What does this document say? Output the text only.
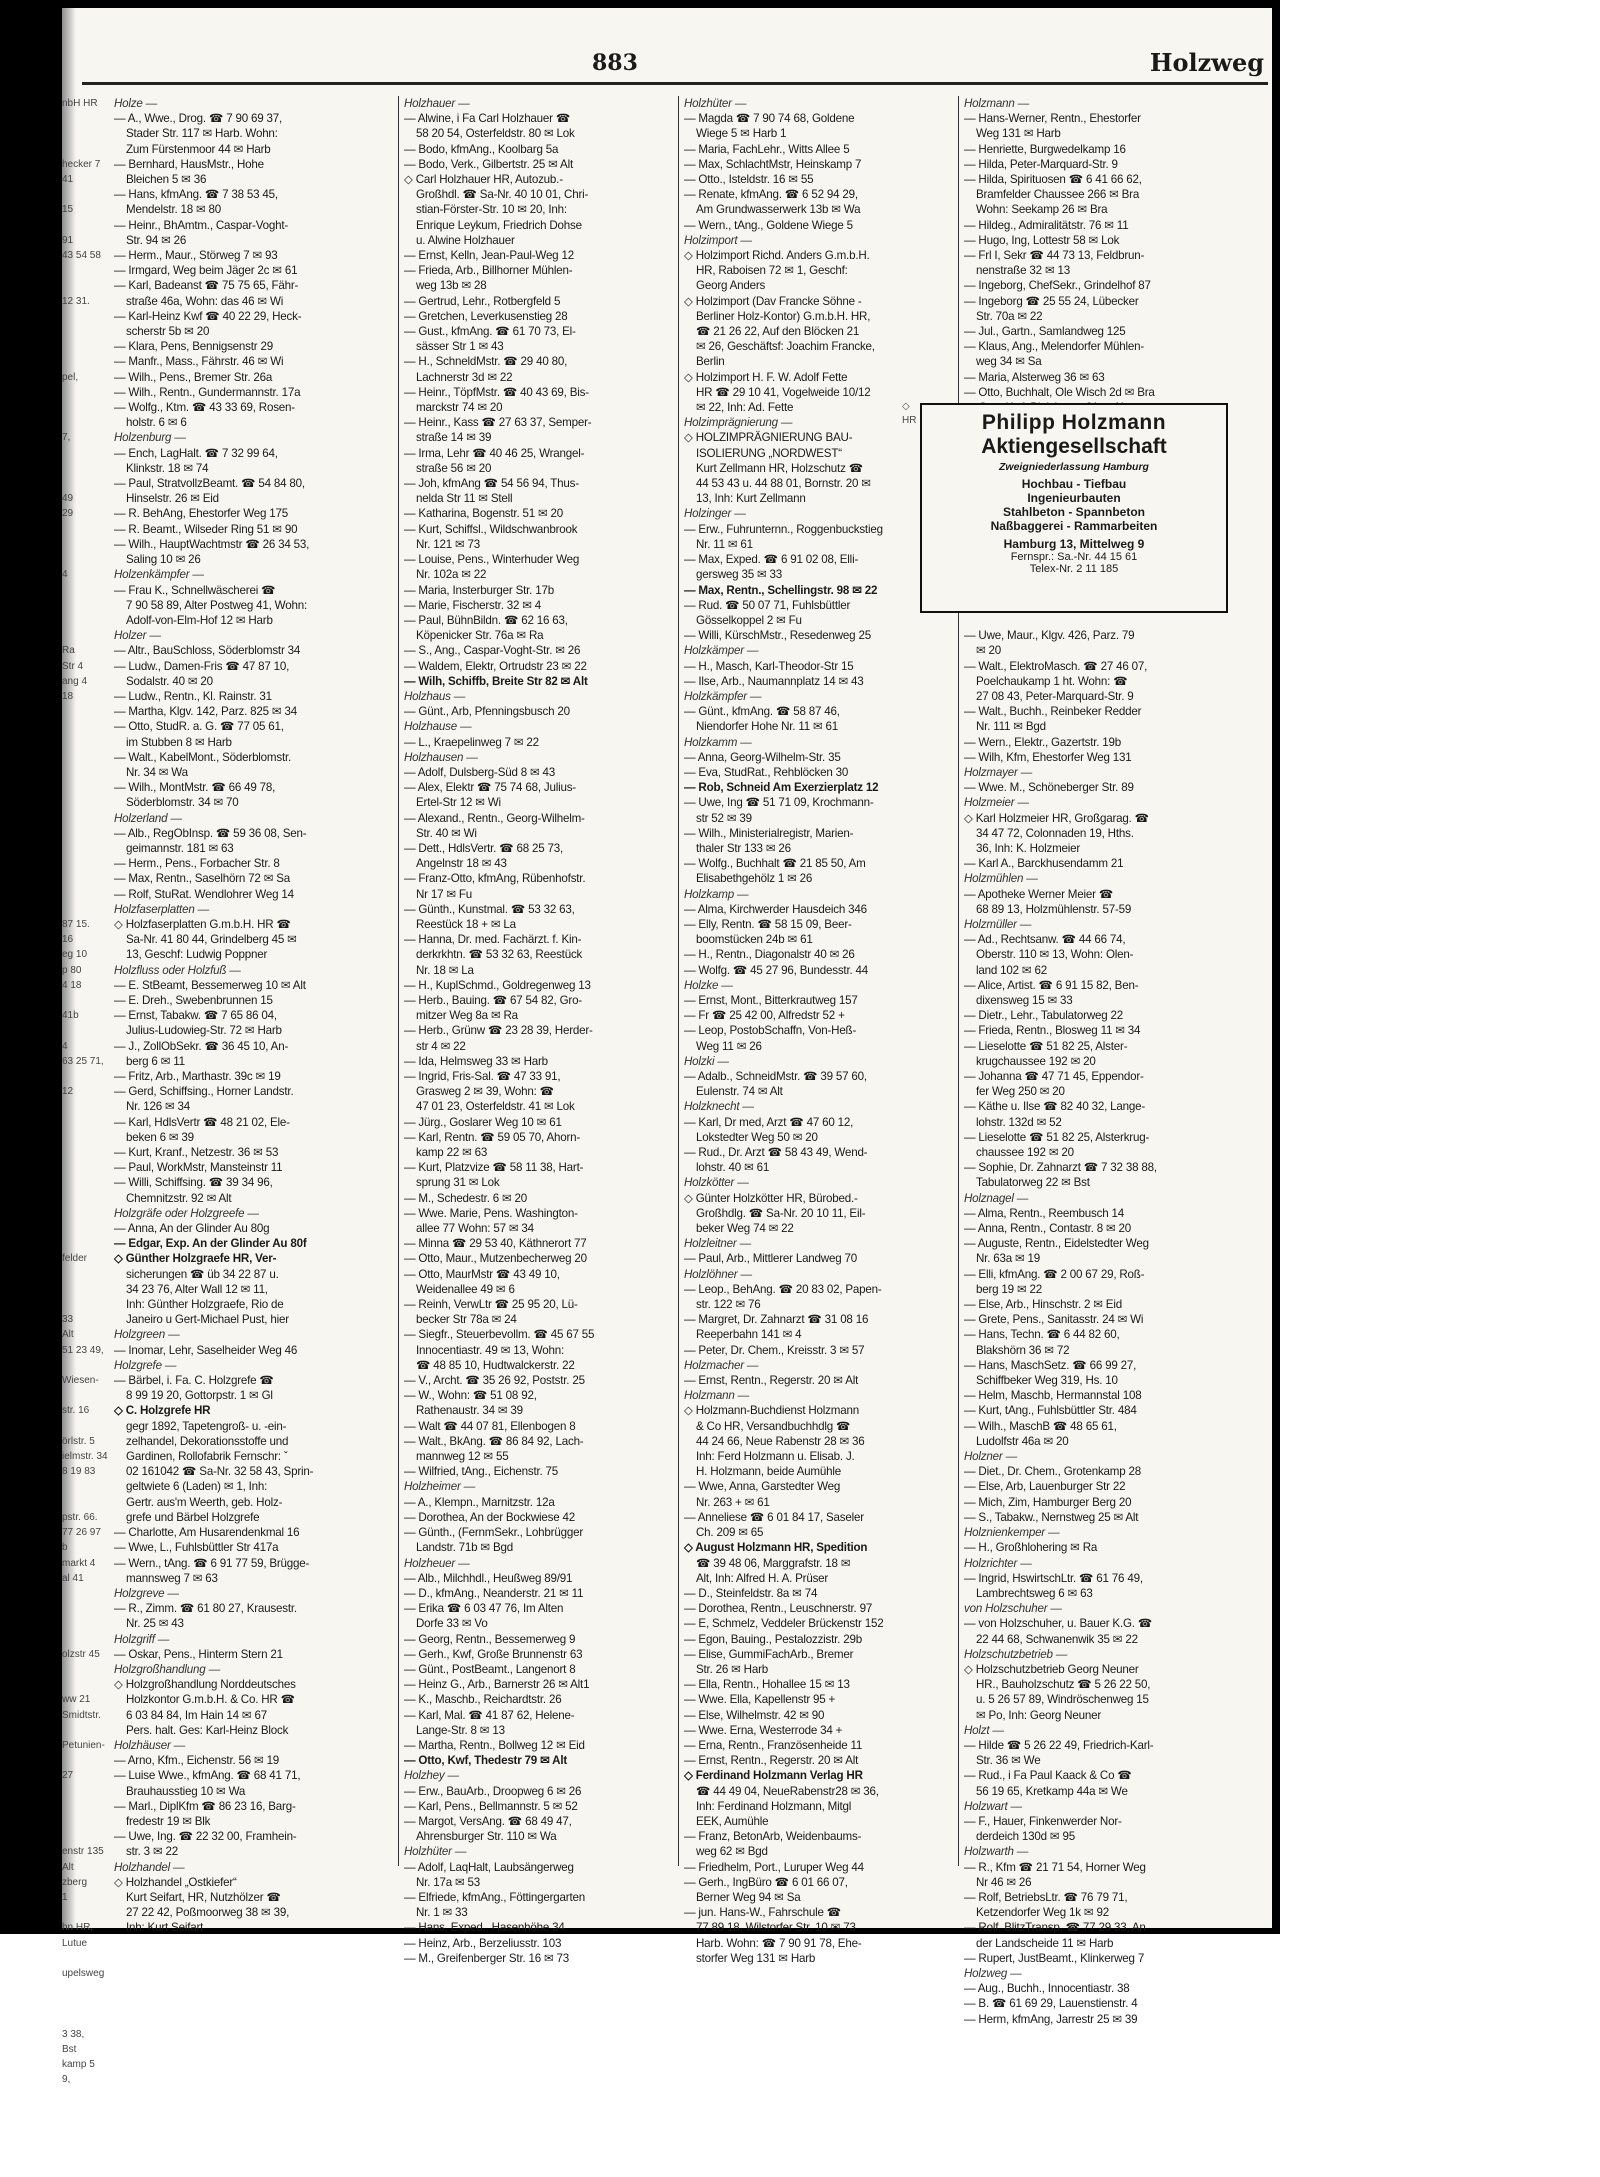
883	Holzweg
nbH HR

hecker 7
41

15

91
43 54 58

12 31.

pel,

7,

49
29

4

Ra
Str 4
ang 4
18

87 15.
16
eg 10
p 80
4 18

41b

4
63 25 71,

12

felder

33
Alt
51 23 49,

Wiesen-

str. 16

örlstr. 5
ielmstr. 34
8 19 83

pstr. 66.
77 26 97
b
markt 4
al 41

olzstr 45

ww 21
Smidtstr.

Petunien-

27

enstr 135
Alt
zberg
1

hn HR,
Lutue

upelsweg

3 38,
Bst
kamp 5
9,
Holze —
— A., Wwe., Drog. ☎ 7 90 69 37,
Stader Str. 117 ✉ Harb. Wohn:
Zum Fürstenmoor 44 ✉ Harb
— Bernhard, HausMstr., Hohe
Bleichen 5 ✉ 36
— Hans, kfmAng. ☎ 7 38 53 45,
Mendelstr. 18 ✉ 80
— Heinr., BhAmtm., Caspar-Voght-
Str. 94 ✉ 26
— Herm., Maur., Störweg 7 ✉ 93
— Irmgard, Weg beim Jäger 2c ✉ 61
— Karl, Badeanst ☎ 75 75 65, Fähr-
straße 46a, Wohn: das 46 ✉ Wi
— Karl-Heinz Kwf ☎ 40 22 29, Heck-
scherstr 5b ✉ 20
— Klara, Pens, Bennigsenstr 29
— Manfr., Mass., Fährstr. 46 ✉ Wi
— Wilh., Pens., Bremer Str. 26a
— Wilh., Rentn., Gundermannstr. 17a
— Wolfg., Ktm. ☎ 43 33 69, Rosen-
holstr. 6 ✉ 6
Holzenburg —
— Ench, LagHalt. ☎ 7 32 99 64,
Klinkstr. 18 ✉ 74
— Paul, StratvollzBeamt. ☎ 54 84 80,
Hinselstr. 26 ✉ Eid
— R. BehAng, Ehestorfer Weg 175
— R. Beamt., Wilseder Ring 51 ✉ 90
— Wilh., HauptWachtmstr ☎ 26 34 53,
Saling 10 ✉ 26
Holzenkämpfer —
— Frau K., Schnellwäscherei ☎
7 90 58 89, Alter Postweg 41, Wohn:
Adolf-von-Elm-Hof 12 ✉ Harb
Holzer —
— Altr., BauSchloss, Söderblomstr 34
— Ludw., Damen-Fris ☎ 47 87 10,
Sodalstr. 40 ✉ 20
— Ludw., Rentn., Kl. Rainstr. 31
— Martha, Klgv. 142, Parz. 825 ✉ 34
— Otto, StudR. a. G. ☎ 77 05 61,
im Stubben 8 ✉ Harb
— Walt., KabelMont., Söderblomstr.
Nr. 34 ✉ Wa
— Wilh., MontMstr. ☎ 66 49 78,
Söderblomstr. 34 ✉ 70
Holzerland —
— Alb., RegObInsp. ☎ 59 36 08, Sen-
geimannstr. 181 ✉ 63
— Herm., Pens., Forbacher Str. 8
— Max, Rentn., Saselhörn 72 ✉ Sa
— Rolf, StuRat. Wendlohrer Weg 14
Holzfaserplatten —
◇ Holzfaserplatten G.m.b.H. HR ☎
Sa-Nr. 41 80 44, Grindelberg 45 ✉
13, Geschf: Ludwig Poppner
Holzfluss oder Holzfuß —
— E. StBeamt, Bessemerweg 10 ✉ Alt
— E. Dreh., Swebenbrunnen 15
— Ernst, Tabakw. ☎ 7 65 86 04,
Julius-Ludowieg-Str. 72 ✉ Harb
— J., ZollObSekr. ☎ 36 45 10, An-
berg 6 ✉ 11
— Fritz, Arb., Marthastr. 39c ✉ 19
— Gerd, Schiffsing., Horner Landstr.
Nr. 126 ✉ 34
— Karl, HdlsVertr ☎ 48 21 02, Ele-
beken 6 ✉ 39
— Kurt, Kranf., Netzestr. 36 ✉ 53
— Paul, WorkMstr, Mansteinstr 11
— Willi, Schiffsing. ☎ 39 34 96,
Chemnitzstr. 92 ✉ Alt
Holzgräfe oder Holzgreefe —
— Anna, An der Glinder Au 80g
— Edgar, Exp. An der Glinder Au 80f
◇ Günther Holzgraefe HR, Ver-
sicherungen ☎ üb 34 22 87 u.
34 23 76, Alter Wall 12 ✉ 11,
Inh: Günther Holzgraefe, Rio de
Janeiro u Gert-Michael Pust, hier
Holzgreen —
— Inomar, Lehr, Saselheider Weg 46
Holzgrefe —
— Bärbel, i. Fa. C. Holzgrefe ☎
8 99 19 20, Gottorpstr. 1 ✉ Gl
◇ C. Holzgrefe HR
gegr 1892, Tapetengroß- u. -ein-
zelhandel, Dekorationsstoffe und
Gardinen, Rollofabrik Fernschr: ˇ
02 161042 ☎ Sa-Nr. 32 58 43, Sprin-
geltwiete 6 (Laden) ✉ 1, Inh:
Gertr. aus'm Weerth, geb. Holz-
grefe und Bärbel Holzgrefe
— Charlotte, Am Husarendenkmal 16
— Wwe, L., Fuhlsbüttler Str 417a
— Wern., tAng. ☎ 6 91 77 59, Brügge-
mannsweg 7 ✉ 63
Holzgreve —
— R., Zimm. ☎ 61 80 27, Krausestr.
Nr. 25 ✉ 43
Holzgriff —
— Oskar, Pens., Hinterm Stern 21
Holzgroßhandlung —
◇ Holzgroßhandlung Norddeutsches
Holzkontor G.m.b.H. & Co. HR ☎
6 03 84 84, Im Hain 14 ✉ 67
Pers. halt. Ges: Karl-Heinz Block
Holzhäuser —
— Arno, Kfm., Eichenstr. 56 ✉ 19
— Luise Wwe., kfmAng. ☎ 68 41 71,
Brauhausstieg 10 ✉ Wa
— Marl., DiplKfm ☎ 86 23 16, Barg-
fredestr 19 ✉ Blk
— Uwe, Ing. ☎ 22 32 00, Framhein-
str. 3 ✉ 22
Holzhandel —
◇ Holzhandel „Ostkiefer“
Kurt Seifart, HR, Nutzhölzer ☎
27 22 42, Poßmoorweg 38 ✉ 39,
Inh: Kurt Seifart
Holzhauer —
— Alwine, i Fa Carl Holzhauer ☎
58 20 54, Osterfeldstr. 80 ✉ Lok
— Bodo, kfmAng., Koolbarg 5a
— Bodo, Verk., Gilbertstr. 25 ✉ Alt
◇ Carl Holzhauer HR, Autozub.-
Großhdl. ☎ Sa-Nr. 40 10 01, Chri-
stian-Förster-Str. 10 ✉ 20, Inh:
Enrique Leykum, Friedrich Dohse
u. Alwine Holzhauer
— Ernst, Kelln, Jean-Paul-Weg 12
— Frieda, Arb., Billhorner Mühlen-
weg 13b ✉ 28
— Gertrud, Lehr., Rotbergfeld 5
— Gretchen, Leverkusenstieg 28
— Gust., kfmAng. ☎ 61 70 73, El-
sässer Str 1 ✉ 43
— H., SchneldMstr. ☎ 29 40 80,
Lachnerstr 3d ✉ 22
— Heinr., TöpfMstr. ☎ 40 43 69, Bis-
marckstr 74 ✉ 20
— Heinr., Kass ☎ 27 63 37, Semper-
straße 14 ✉ 39
— Irma, Lehr ☎ 40 46 25, Wrangel-
straße 56 ✉ 20
— Joh, kfmAng ☎ 54 56 94, Thus-
nelda Str 11 ✉ Stell
— Katharina, Bogenstr. 51 ✉ 20
— Kurt, Schiffsl., Wildschwanbrook
Nr. 121 ✉ 73
— Louise, Pens., Winterhuder Weg
Nr. 102a ✉ 22
— Maria, Insterburger Str. 17b
— Marie, Fischerstr. 32 ✉ 4
— Paul, BühnBildn. ☎ 62 16 63,
Köpenicker Str. 76a ✉ Ra
— S., Ang., Caspar-Voght-Str. ✉ 26
— Waldem, Elektr, Ortrudstr 23 ✉ 22
— Wilh, Schiffb, Breite Str 82 ✉ Alt
Holzhaus —
— Günt., Arb, Pfenningsbusch 20
Holzhause —
— L., Kraepelinweg 7 ✉ 22
Holzhausen —
— Adolf, Dulsberg-Süd 8 ✉ 43
— Alex, Elektr ☎ 75 74 68, Julius-
Ertel-Str 12 ✉ Wi
— Alexand., Rentn., Georg-Wilhelm-
Str. 40 ✉ Wi
— Dett., HdlsVertr. ☎ 68 25 73,
Angelnstr 18 ✉ 43
— Franz-Otto, kfmAng, Rübenhofstr.
Nr 17 ✉ Fu
— Günth., Kunstmal. ☎ 53 32 63,
Reestück 18 + ✉ La
— Hanna, Dr. med. Fachärzt. f. Kin-
derkrkhtn. ☎ 53 32 63, Reestück
Nr. 18 ✉ La
— H., KuplSchmd., Goldregenweg 13
— Herb., Bauing. ☎ 67 54 82, Gro-
mitzer Weg 8a ✉ Ra
— Herb., Grünw ☎ 23 28 39, Herder-
str 4 ✉ 22
— Ida, Helmsweg 33 ✉ Harb
— Ingrid, Fris-Sal. ☎ 47 33 91,
Grasweg 2 ✉ 39, Wohn: ☎
47 01 23, Osterfeldstr. 41 ✉ Lok
— Jürg., Goslarer Weg 10 ✉ 61
— Karl, Rentn. ☎ 59 05 70, Ahorn-
kamp 22 ✉ 63
— Kurt, Platzvize ☎ 58 11 38, Hart-
sprung 31 ✉ Lok
— M., Schedestr. 6 ✉ 20
— Wwe. Marie, Pens. Washington-
allee 77 Wohn: 57 ✉ 34
— Minna ☎ 29 53 40, Käthnerort 77
— Otto, Maur., Mutzenbecherweg 20
— Otto, MaurMstr ☎ 43 49 10,
Weidenallee 49 ✉ 6
— Reinh, VerwLtr ☎ 25 95 20, Lü-
becker Str 78a ✉ 24
— Siegfr., Steuerbevollm. ☎ 45 67 55
Innocentiastr. 49 ✉ 13, Wohn:
☎ 48 85 10, Hudtwalckerstr. 22
— V., Archt. ☎ 35 26 92, Poststr. 25
— W., Wohn: ☎ 51 08 92,
Rathenaustr. 34 ✉ 39
— Walt ☎ 44 07 81, Ellenbogen 8
— Walt., BkAng. ☎ 86 84 92, Lach-
mannweg 12 ✉ 55
— Wilfried, tAng., Eichenstr. 75
Holzheimer —
— A., Klempn., Marnitzstr. 12a
— Dorothea, An der Bockwiese 42
— Günth., (FernmSekr., Lohbrügger
Landstr. 71b ✉ Bgd
Holzheuer —
— Alb., Milchhdl., Heußweg 89/91
— D., kfmAng., Neanderstr. 21 ✉ 11
— Erika ☎ 6 03 47 76, Im Alten
Dorfe 33 ✉ Vo
— Georg, Rentn., Bessemerweg 9
— Gerh., Kwf, Große Brunnenstr 63
— Günt., PostBeamt., Langenort 8
— Heinz G., Arb., Barnerstr 26 ✉ Alt1
— K., Maschb., Reichardtstr. 26
— Karl, Mal. ☎ 41 87 62, Helene-
Lange-Str. 8 ✉ 13
— Martha, Rentn., Bollweg 12 ✉ Eid
— Otto, Kwf, Thedestr 79 ✉ Alt
Holzhey —
— Erw., BauArb., Droopweg 6 ✉ 26
— Karl, Pens., Bellmannstr. 5 ✉ 52
— Margot, VersAng. ☎ 68 49 47,
Ahrensburger Str. 110 ✉ Wa
Holzhüter —
— Adolf, LaqHalt, Laubsängerweg
Nr. 17a ✉ 53
— Elfriede, kfmAng., Föttingergarten
Nr. 1 ✉ 33
— Hans, Exped., Hasenhöhe 34
— Heinz, Arb., Berzeliusstr. 103
— M., Greifenberger Str. 16 ✉ 73
Holzhüter —
— Magda ☎ 7 90 74 68, Goldene
Wiege 5 ✉ Harb 1
— Maria, FachLehr., Witts Allee 5
— Max, SchlachtMstr, Heinskamp 7
— Otto., Isteldstr. 16 ✉ 55
— Renate, kfmAng. ☎ 6 52 94 29,
Am Grundwasserwerk 13b ✉ Wa
— Wern., tAng., Goldene Wiege 5
Holzimport —
◇ Holzimport Richd. Anders G.m.b.H.
HR, Raboisen 72 ✉ 1, Geschf:
Georg Anders
◇ Holzimport (Dav Francke Söhne -
Berliner Holz-Kontor) G.m.b.H. HR,
☎ 21 26 22, Auf den Blöcken 21
✉ 26, Geschäftsf: Joachim Francke,
Berlin
◇ Holzimport H. F. W. Adolf Fette
HR ☎ 29 10 41, Vogelweide 10/12
✉ 22, Inh: Ad. Fette
Holzimprägnierung —
◇ HOLZIMPRÄGNIERUNG BAU-
ISOLIERUNG „NORDWEST“
Kurt Zellmann HR, Holzschutz ☎
44 53 43 u. 44 88 01, Bornstr. 20 ✉
13, Inh: Kurt Zellmann
Holzinger —
— Erw., Fuhrunternn., Roggenbuckstieg
Nr. 11 ✉ 61
— Max, Exped. ☎ 6 91 02 08, Elli-
gersweg 35 ✉ 33
— Max, Rentn., Schellingstr. 98 ✉ 22
— Rud. ☎ 50 07 71, Fuhlsbüttler
Gösselkoppel 2 ✉ Fu
— Willi, KürschMstr., Resedenweg 25
Holzkämper —
— H., Masch, Karl-Theodor-Str 15
— Ilse, Arb., Naumannplatz 14 ✉ 43
Holzkämpfer —
— Günt., kfmAng. ☎ 58 87 46,
Niendorfer Hohe Nr. 11 ✉ 61
Holzkamm —
— Anna, Georg-Wilhelm-Str. 35
— Eva, StudRat., Rehblöcken 30
— Rob, Schneid Am Exerzierplatz 12
— Uwe, Ing ☎ 51 71 09, Krochmann-
str 52 ✉ 39
— Wilh., Ministerialregistr, Marien-
thaler Str 133 ✉ 26
— Wolfg., Buchhalt ☎ 21 85 50, Am
Elisabethgehölz 1 ✉ 26
Holzkamp —
— Alma, Kirchwerder Hausdeich 346
— Elly, Rentn. ☎ 58 15 09, Beer-
boomstücken 24b ✉ 61
— H., Rentn., Diagonalstr 40 ✉ 26
— Wolfg. ☎ 45 27 96, Bundesstr. 44
Holzke —
— Ernst, Mont., Bitterkrautweg 157
— Fr ☎ 25 42 00, Alfredstr 52 +
— Leop, PostobSchaffn, Von-Heß-
Weg 11 ✉ 26
Holzki —
— Adalb., SchneidMstr. ☎ 39 57 60,
Eulenstr. 74 ✉ Alt
Holzknecht —
— Karl, Dr med, Arzt ☎ 47 60 12,
Lokstedter Weg 50 ✉ 20
— Rud., Dr. Arzt ☎ 58 43 49, Wend-
lohstr. 40 ✉ 61
Holzkötter —
◇ Günter Holzkötter HR, Bürobed.-
Großhdlg. ☎ Sa-Nr. 20 10 11, Eil-
beker Weg 74 ✉ 22
Holzleitner —
— Paul, Arb., Mittlerer Landweg 70
Holzlöhner —
— Leop., BehAng. ☎ 20 83 02, Papen-
str. 122 ✉ 76
— Margret, Dr. Zahnarzt ☎ 31 08 16
Reeperbahn 141 ✉ 4
— Peter, Dr. Chem., Kreisstr. 3 ✉ 57
Holzmacher —
— Ernst, Rentn., Regerstr. 20 ✉ Alt
Holzmann —
◇ Holzmann-Buchdienst Holzmann
& Co HR, Versandbuchhdlg ☎
44 24 66, Neue Rabenstr 28 ✉ 36
Inh: Ferd Holzmann u. Elisab. J.
H. Holzmann, beide Aumühle
— Wwe, Anna, Garstedter Weg
Nr. 263 + ✉ 61
— Anneliese ☎ 6 01 84 17, Saseler
Ch. 209 ✉ 65
◇ August Holzmann HR, Spedition
☎ 39 48 06, Marggrafstr. 18 ✉
Alt, Inh: Alfred H. A. Prüser
— D., Steinfeldstr. 8a ✉ 74
— Dorothea, Rentn., Leuschnerstr. 97
— E, Schmelz, Veddeler Brückenstr 152
— Egon, Bauing., Pestalozzistr. 29b
— Elise, GummiFachArb., Bremer
Str. 26 ✉ Harb
— Ella, Rentn., Hohallee 15 ✉ 13
— Wwe. Ella, Kapellenstr 95 +
— Else, Wilhelmstr. 42 ✉ 90
— Wwe. Erna, Westerrode 34 +
— Erna, Rentn., Französenheide 11
— Ernst, Rentn., Regerstr. 20 ✉ Alt
◇ Ferdinand Holzmann Verlag HR
☎ 44 49 04, NeueRabenstr28 ✉ 36,
Inh: Ferdinand Holzmann, Mitgl
EEK, Aumühle
— Franz, BetonArb, Weidenbaums-
weg 62 ✉ Bgd
— Friedhelm, Port., Luruper Weg 44
— Gerh., IngBüro ☎ 6 01 66 07,
Berner Weg 94 ✉ Sa
— jun. Hans-W., Fahrschule ☎
77 89 18, Wilstorfer Str. 10 ✉ 73
Harb. Wohn: ☎ 7 90 91 78, Ehe-
storfer Weg 131 ✉ Harb
Holzmann —
— Hans-Werner, Rentn., Ehestorfer
Weg 131 ✉ Harb
— Henriette, Burgwedelkamp 16
— Hilda, Peter-Marquard-Str. 9
— Hilda, Spirituosen ☎ 6 41 66 62,
Bramfelder Chaussee 266 ✉ Bra
Wohn: Seekamp 26 ✉ Bra
— Hildeg., Admiralitätstr. 76 ✉ 11
— Hugo, Ing, Lottestr 58 ✉ Lok
— Frl I, Sekr ☎ 44 73 13, Feldbrun-
nenstraße 32 ✉ 13
— Ingeborg, ChefSekr., Grindelhof 87
— Ingeborg ☎ 25 55 24, Lübecker
Str. 70a ✉ 22
— Jul., Gartn., Samlandweg 125
— Klaus, Ang., Melendorfer Mühlen-
weg 34 ✉ Sa
— Maria, Alsterweg 36 ✉ 63
— Otto, Buchhalt, Ole Wisch 2d ✉ Bra

— Uwe, Maur., Klgv. 426, Parz. 79
✉ 20
— Walt., ElektroMasch. ☎ 27 46 07,
Poelchaukamp 1 ht. Wohn: ☎
27 08 43, Peter-Marquard-Str. 9
— Walt., Buchh., Reinbeker Redder
Nr. 111 ✉ Bgd
— Wern., Elektr., Gazertstr. 19b
— Wilh, Kfm, Ehestorfer Weg 131
Holzmayer —
— Wwe. M., Schöneberger Str. 89
Holzmeier —
◇ Karl Holzmeier HR, Großgarag. ☎
34 47 72, Colonnaden 19, Hths.
36, Inh: K. Holzmeier
— Karl A., Barckhusendamm 21
Holzmühlen —
— Apotheke Werner Meier ☎
68 89 13, Holzmühlenstr. 57-59
Holzmüller —
— Ad., Rechtsanw. ☎ 44 66 74,
Oberstr. 110 ✉ 13, Wohn: Olen-
land 102 ✉ 62
— Alice, Artist. ☎ 6 91 15 82, Ben-
dixensweg 15 ✉ 33
— Dietr., Lehr., Tabulatorweg 22
— Frieda, Rentn., Blosweg 11 ✉ 34
— Lieselotte ☎ 51 82 25, Alster-
krugchaussee 192 ✉ 20
— Johanna ☎ 47 71 45, Eppendor-
fer Weg 250 ✉ 20
— Käthe u. Ilse ☎ 82 40 32, Lange-
lohstr. 132d ✉ 52
— Lieselotte ☎ 51 82 25, Alsterkrug-
chaussee 192 ✉ 20
— Sophie, Dr. Zahnarzt ☎ 7 32 38 88,
Tabulatorweg 22 ✉ Bst
Holznagel —
— Alma, Rentn., Reembusch 14
— Anna, Rentn., Contastr. 8 ✉ 20
— Auguste, Rentn., Eidelstedter Weg
Nr. 63a ✉ 19
— Elli, kfmAng. ☎ 2 00 67 29, Roß-
berg 19 ✉ 22
— Else, Arb., Hinschstr. 2 ✉ Eid
— Grete, Pens., Sanitasstr. 24 ✉ Wi
— Hans, Techn. ☎ 6 44 82 60,
Blakshörn 36 ✉ 72
— Hans, MaschSetz. ☎ 66 99 27,
Schiffbeker Weg 319, Hs. 10
— Helm, Maschb, Hermannstal 108
— Kurt, tAng., Fuhlsbüttler Str. 484
— Wilh., MaschB ☎ 48 65 61,
Ludolfstr 46a ✉ 20
Holzner —
— Diet., Dr. Chem., Grotenkamp 28
— Else, Arb, Lauenburger Str 22
— Mich, Zim, Hamburger Berg 20
— S., Tabakw., Nernstweg 25 ✉ Alt
Holznienkemper —
— H., Großhlohering ✉ Ra
Holzrichter —
— Ingrid, HswirtschLtr. ☎ 61 76 49,
Lambrechtsweg 6 ✉ 63
von Holzschuher —
— von Holzschuher, u. Bauer K.G. ☎
22 44 68, Schwanenwik 35 ✉ 22
Holzschutzbetrieb —
◇ Holzschutzbetrieb Georg Neuner
HR., Bauholzschutz ☎ 5 26 22 50,
u. 5 26 57 89, Windröschenweg 15
✉ Po, Inh: Georg Neuner
Holzt —
— Hilde ☎ 5 26 22 49, Friedrich-Karl-
Str. 36 ✉ We
— Rud., i Fa Paul Kaack & Co ☎
56 19 65, Kretkamp 44a ✉ We
Holzwart —
— F., Hauer, Finkenwerder Nor-
derdeich 130d ✉ 95
Holzwarth —
— R., Kfm ☎ 21 71 54, Horner Weg
Nr 46 ✉ 26
— Rolf, BetriebsLtr. ☎ 76 79 71,
Ketzendorfer Weg 1k ✉ 92
— Rolf, BlitzTransp. ☎ 77 29 33, An
der Landscheide 11 ✉ Harb
— Rupert, JustBeamt., Klinkerweg 7
Holzweg —
— Aug., Buchh., Innocentiastr. 38
— B. ☎ 61 69 29, Lauenstienstr. 4
— Herm, kfmAng, Jarrestr 25 ✉ 39
◇
HR	Philipp Holzmann
Aktiengesellschaft
Zweigniederlassung Hamburg
Hochbau - Tiefbau
Ingenieurbauten
Stahlbeton - Spannbeton
Naßbaggerei - Rammarbeiten
Hamburg 13, Mittelweg 9
Fernspr.: Sa.-Nr. 44 15 61
Telex-Nr. 2 11 185
